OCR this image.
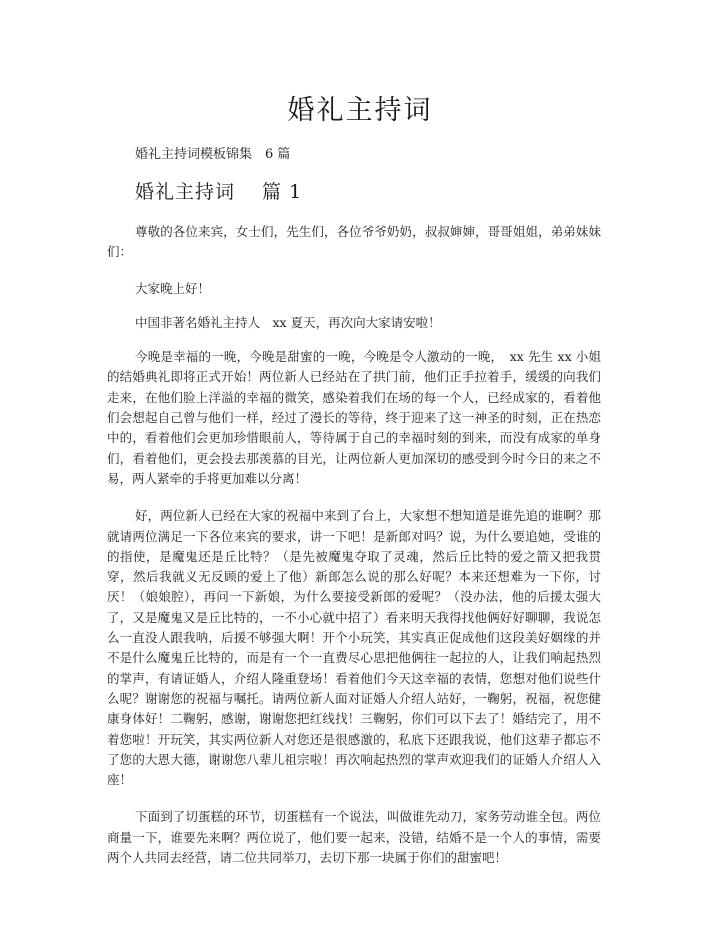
婚礼主持词
婚礼主持词模板锦集　6 篇
婚礼主持词　 篇 1

尊敬的各位来宾，女士们，先生们，各位爷爷奶奶，叔叔婶婶，哥哥姐姐，弟弟妹妹们：

大家晚上好！

中国非著名婚礼主持人　xx 夏天，再次向大家请安啦！

今晚是幸福的一晚，今晚是甜蜜的一晚，今晚是令人激动的一晚，　xx 先生 xx 小姐的结婚典礼即将正式开始！两位新人已经站在了拱门前，他们正手拉着手，缓缓的向我们走来，在他们脸上洋溢的幸福的微笑，感染着我们在场的每一个人，已经成家的，看着他们会想起自己曾与他们一样，经过了漫长的等待，终于迎来了这一神圣的时刻，正在热恋中的，看着他们会更加珍惜眼前人，等待属于自己的幸福时刻的到来，而没有成家的单身们，看着他们，更会投去那羡慕的目光，让两位新人更加深切的感受到今时今日的来之不易，两人紧牵的手将更加难以分离！

好，两位新人已经在大家的祝福中来到了台上，大家想不想知道是谁先追的谁啊？那就请两位满足一下各位来宾的要求，讲一下吧！是新郎对吗？说，为什么要追她，受谁的的指使，是魔鬼还是丘比特？（是先被魔鬼夺取了灵魂，然后丘比特的爱之箭又把我贯穿，然后我就义无反顾的爱上了他）新郎怎么说的那么好呢？本来还想难为一下你，讨厌！（娘娘腔），再问一下新娘，为什么要接受新郎的爱呢？（没办法，他的后援太强大了，又是魔鬼又是丘比特的，一不小心就中招了）看来明天我得找他俩好好聊聊，我说怎么一直没人跟我呐，后援不够强大啊！开个小玩笑，其实真正促成他们这段美好姻缘的并不是什么魔鬼丘比特的，而是有一个一直费尽心思把他俩往一起拉的人，让我们响起热烈的掌声，有请证婚人，介绍人隆重登场！看着他们今天这幸福的表情，您想对他们说些什么呢？谢谢您的祝福与嘱托。请两位新人面对证婚人介绍人站好，一鞠躬，祝福，祝您健康身体好！二鞠躬，感谢，谢谢您把红线找！三鞠躬，你们可以下去了！婚结完了，用不着您啦！开玩笑，其实两位新人对您还是很感激的，私底下还跟我说，他们这辈子都忘不了您的大恩大德，谢谢您八辈儿祖宗啦！再次响起热烈的掌声欢迎我们的证婚人介绍人入座！

下面到了切蛋糕的环节，切蛋糕有一个说法，叫做谁先动刀，家务劳动谁全包。两位商量一下，谁要先来啊？两位说了，他们要一起来，没错，结婚不是一个人的事情，需要两个人共同去经营，请二位共同举刀，去切下那一块属于你们的甜蜜吧！
